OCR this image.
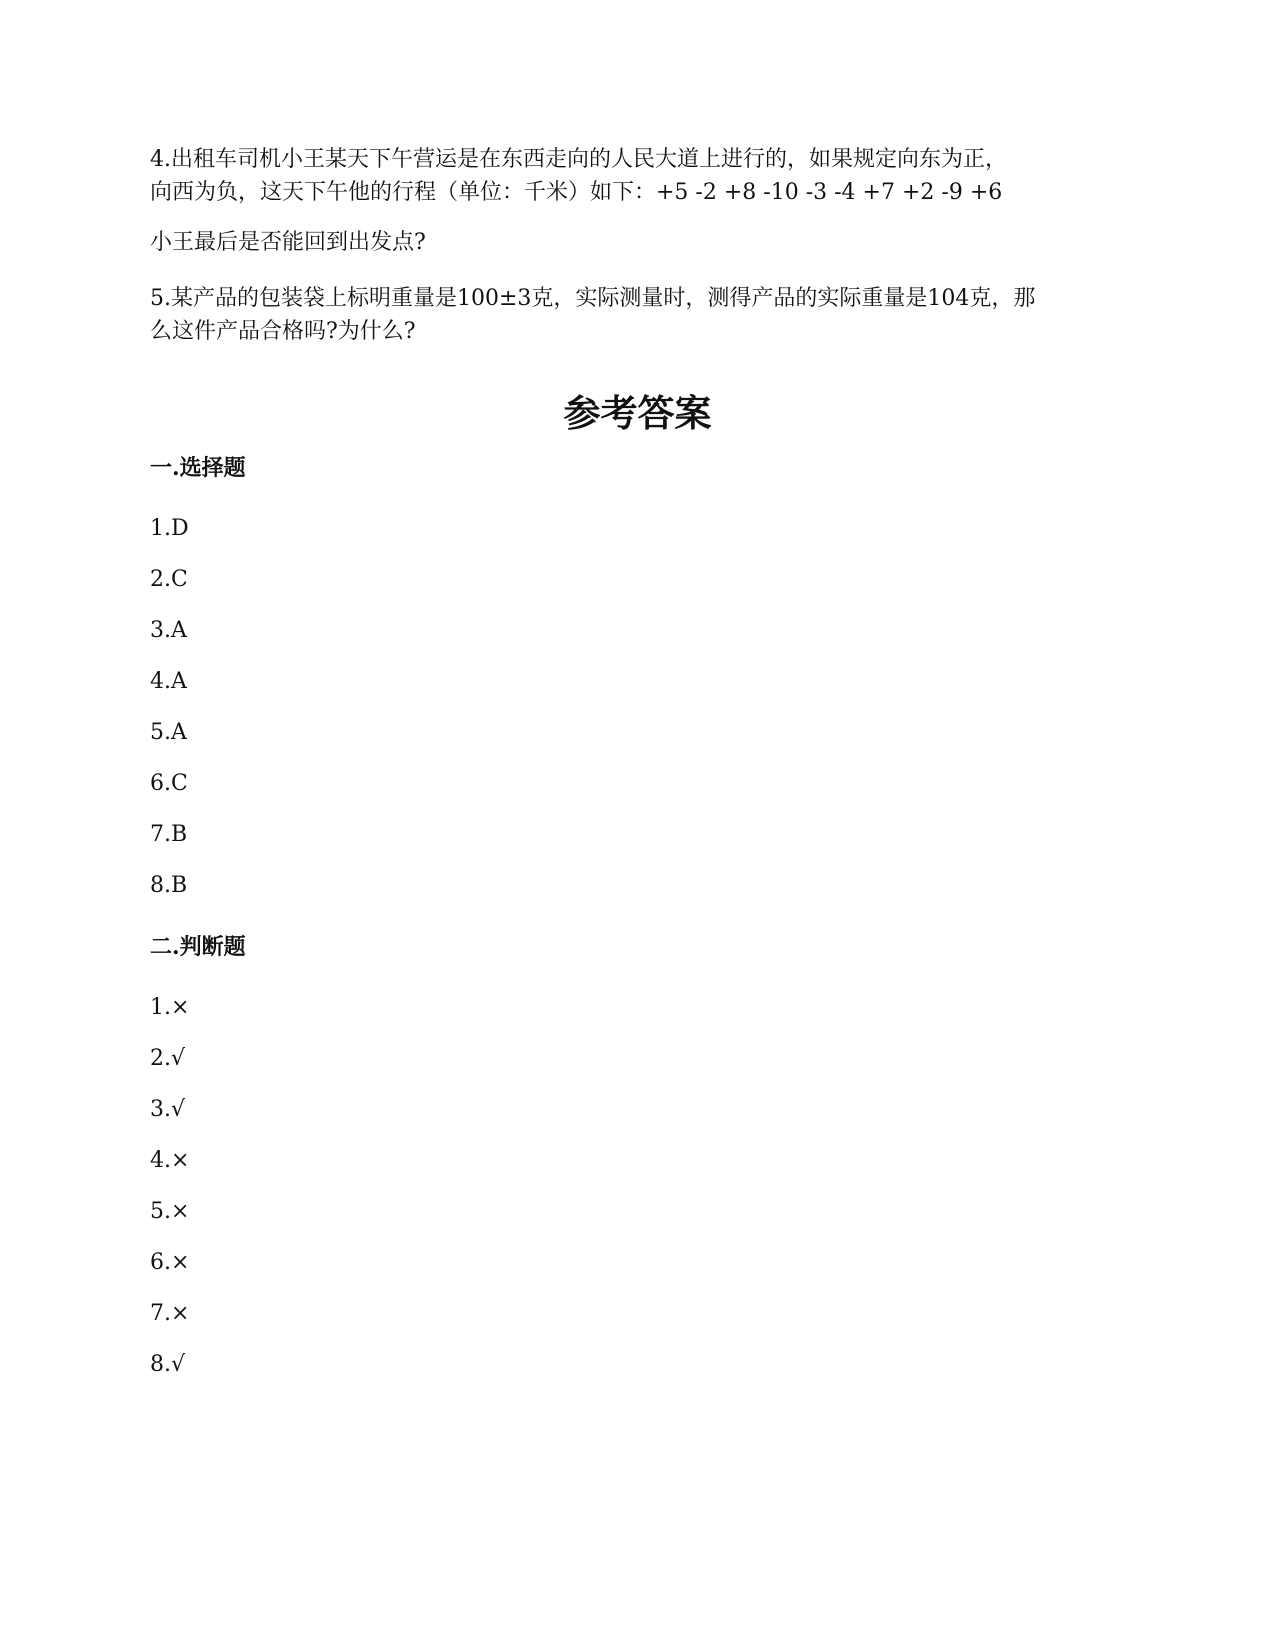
4.出租车司机小王某天下午营运是在东西走向的人民大道上进行的，如果规定向东为正，
向西为负，这天下午他的行程（单位：千米）如下：+5 -2 +8 -10 -3 -4 +7 +2 -9 +6

小王最后是否能回到出发点?

5.某产品的包装袋上标明重量是100±3克，实际测量时，测得产品的实际重量是104克，那
么这件产品合格吗?为什么?

参考答案
一.选择题

1.D

2.C

3.A

4.A

5.A

6.C

7.B

8.B

二.判断题

1.×

2.√

3.√

4.×

5.×

6.×

7.×

8.√
